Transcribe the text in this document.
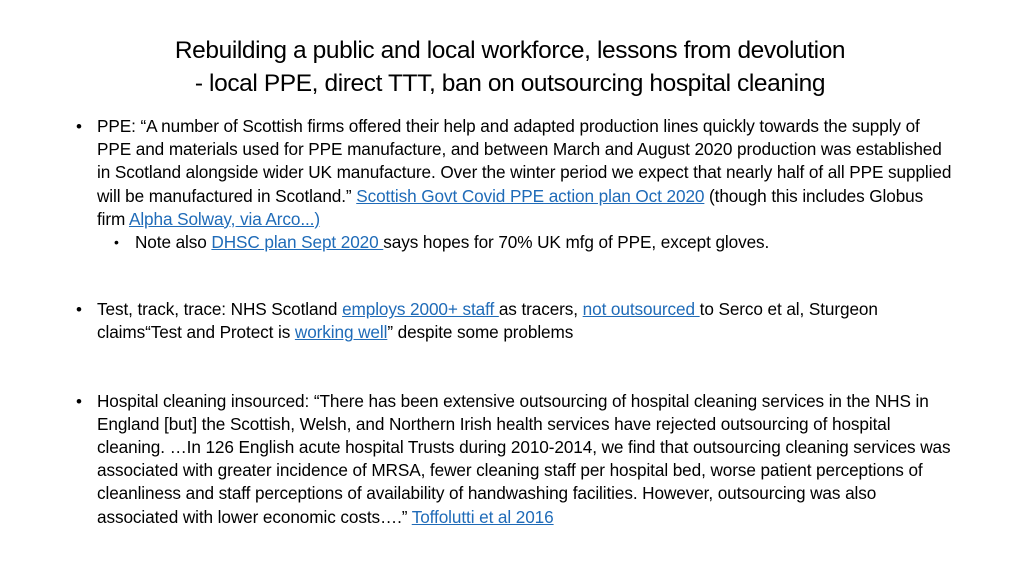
Rebuilding a public and local workforce, lessons from devolution
- local PPE, direct TTT, ban on outsourcing hospital cleaning
• PPE: “A number of Scottish firms offered their help and adapted production lines quickly towards the supply of PPE and materials used for PPE manufacture, and between March and August 2020 production was established in Scotland alongside wider UK manufacture. Over the winter period we expect that nearly half of all PPE supplied will be manufactured in Scotland.” Scottish Govt Covid PPE action plan Oct 2020 (though this includes Globus firm Alpha Solway, via Arco...)
• Note also DHSC plan Sept 2020 says hopes for 70% UK mfg of PPE, except gloves.
• Test, track, trace: NHS Scotland employs 2000+ staff as tracers, not outsourced to Serco et al, Sturgeon claims“Test and Protect is working well” despite some problems
• Hospital cleaning insourced: “There has been extensive outsourcing of hospital cleaning services in the NHS in England [but] the Scottish, Welsh, and Northern Irish health services have rejected outsourcing of hospital cleaning. …In 126 English acute hospital Trusts during 2010-2014, we find that outsourcing cleaning services was associated with greater incidence of MRSA, fewer cleaning staff per hospital bed, worse patient perceptions of cleanliness and staff perceptions of availability of handwashing facilities. However, outsourcing was also associated with lower economic costs….” Toffolutti et al 2016
